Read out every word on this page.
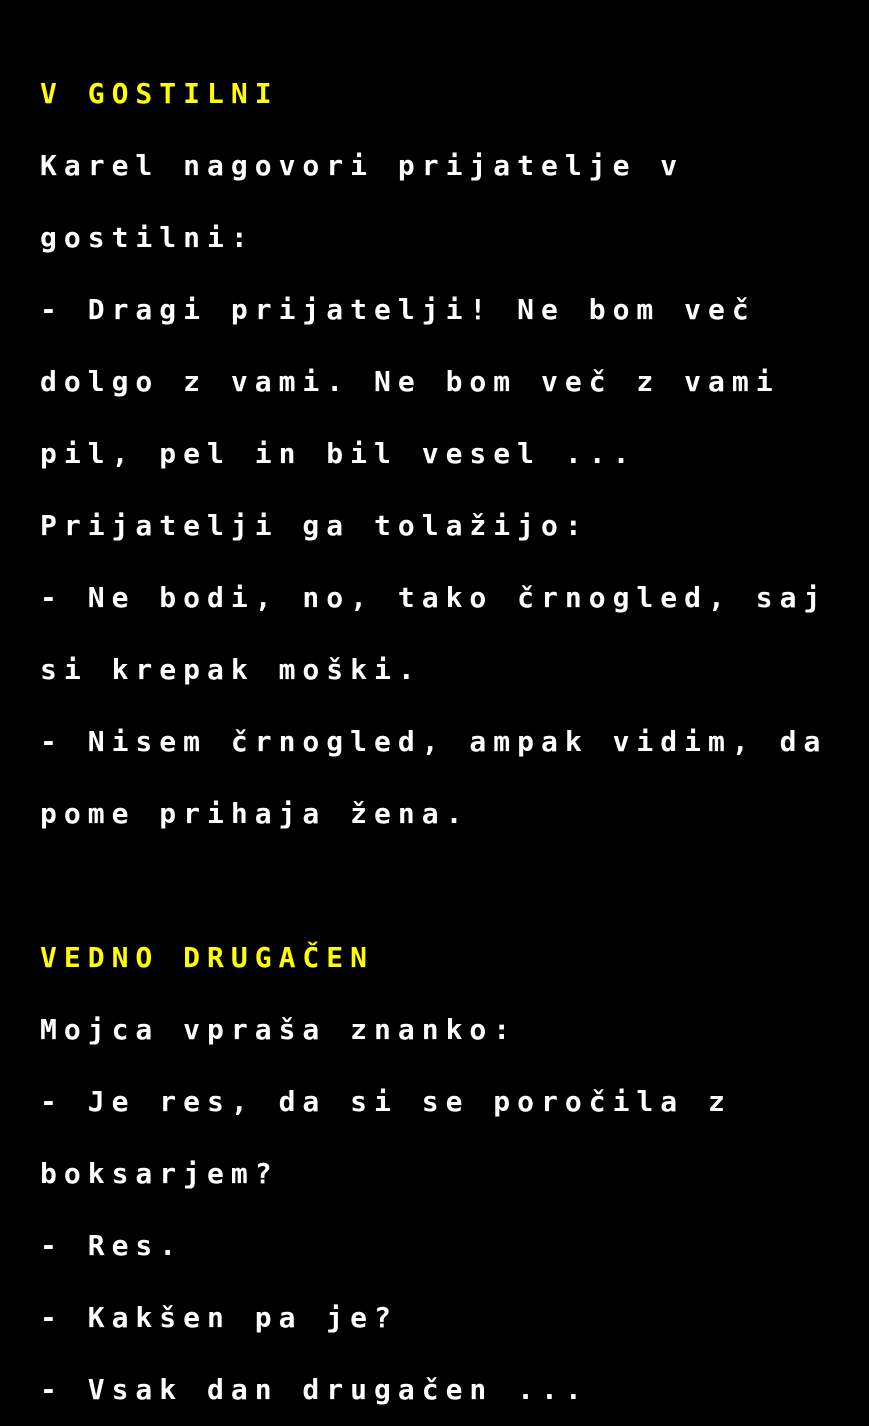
V GOSTILNI

Karel nagovori prijatelje v

gostilni:

- Dragi prijatelji! Ne bom več

dolgo z vami. Ne bom več z vami

pil, pel in bil vesel ...

Prijatelji ga tolažijo:

- Ne bodi, no, tako črnogled, saj

si krepak moški.

- Nisem črnogled, ampak vidim, da

pome prihaja žena.

VEDNO DRUGAČEN

Mojca vpraša znanko:

- Je res, da si se poročila z

boksarjem?

- Res.

- Kakšen pa je?

- Vsak dan drugačen ...
